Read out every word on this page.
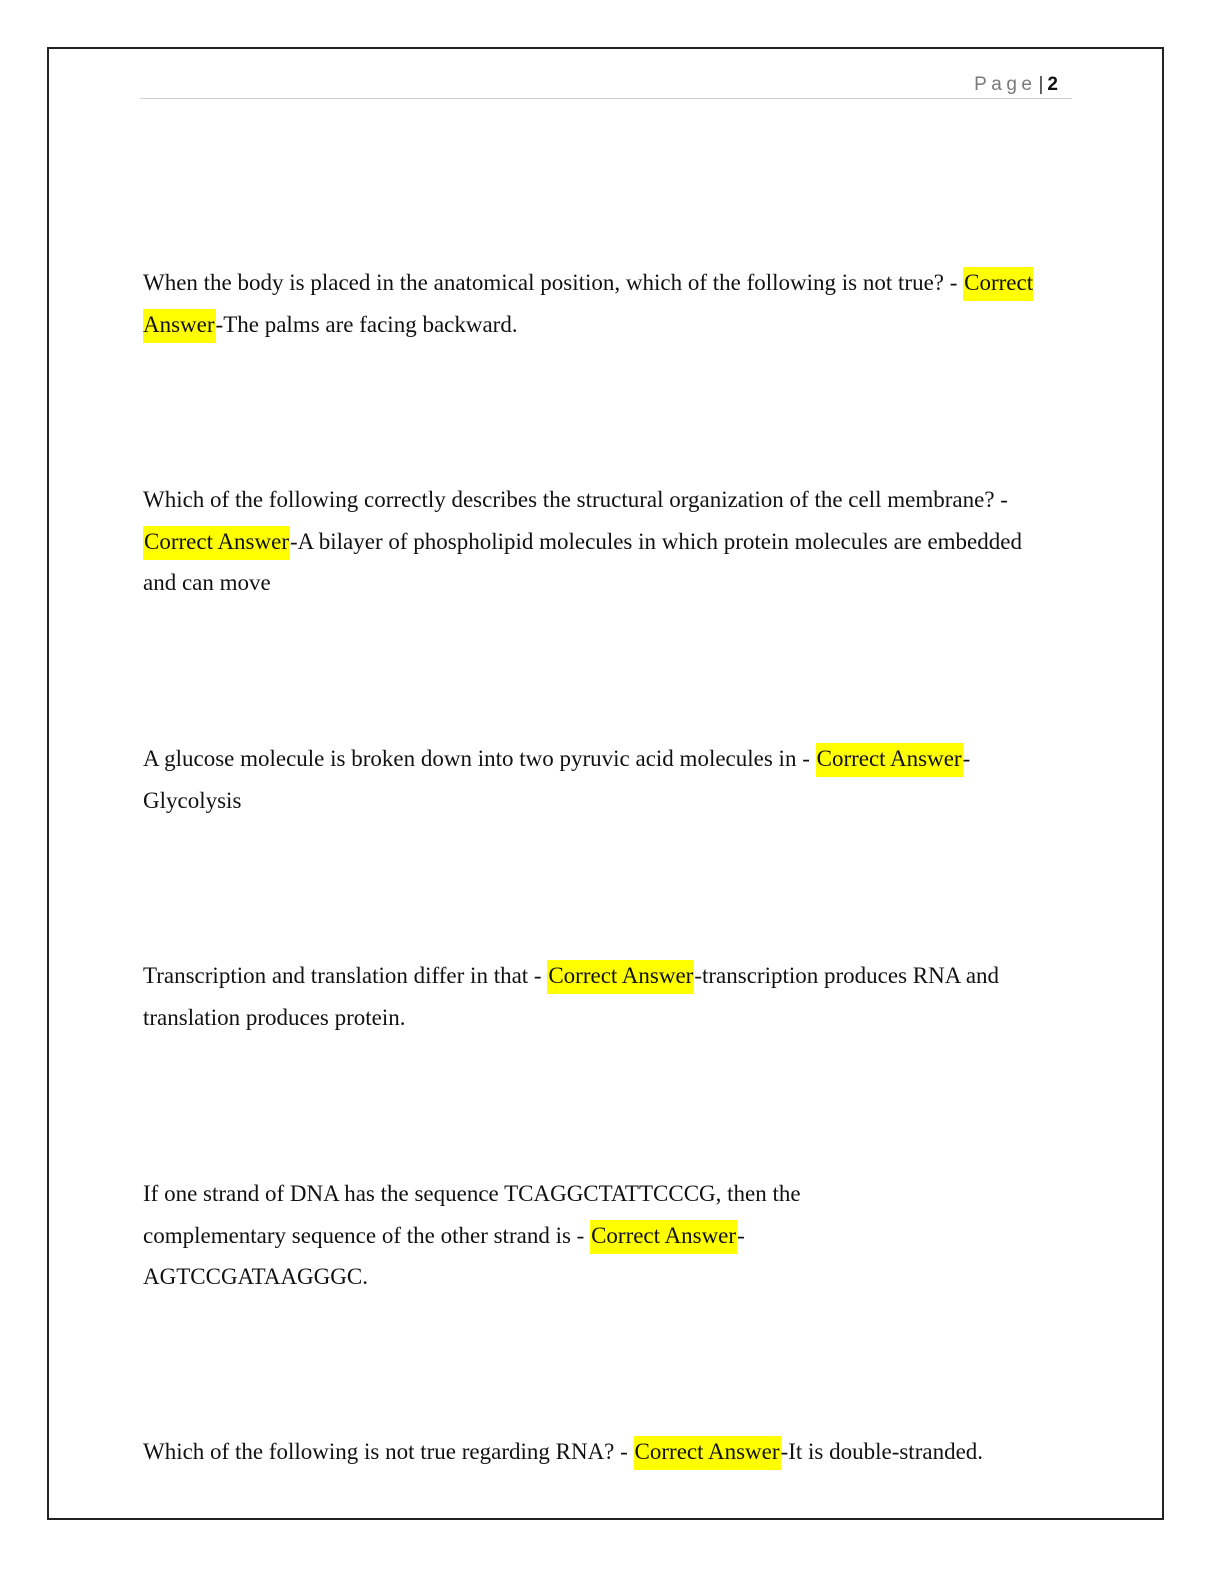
Page | 2

When the body is placed in the anatomical position, which of the following is not true? - Correct Answer-The palms are facing backward.

Which of the following correctly describes the structural organization of the cell membrane? - Correct Answer-A bilayer of phospholipid molecules in which protein molecules are embedded and can move

A glucose molecule is broken down into two pyruvic acid molecules in - Correct Answer-Glycolysis

Transcription and translation differ in that - Correct Answer-transcription produces RNA and translation produces protein.

If one strand of DNA has the sequence TCAGGCTATTCCCG, then the complementary sequence of the other strand is - Correct Answer-AGTCCGATAAGGGC.

Which of the following is not true regarding RNA? - Correct Answer-It is double-stranded.
